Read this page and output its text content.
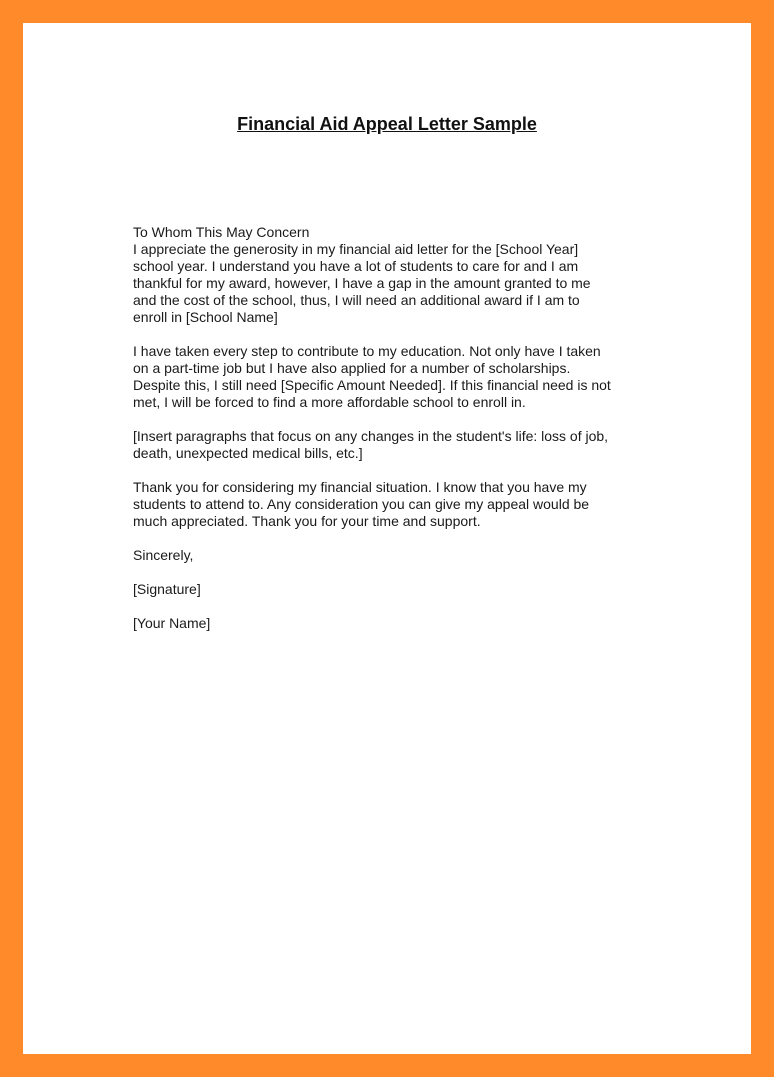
Financial Aid Appeal Letter Sample
To Whom This May Concern
I appreciate the generosity in my financial aid letter for the [School Year]
school year. I understand you have a lot of students to care for and I am
thankful for my award, however, I have a gap in the amount granted to me
and the cost of the school, thus, I will need an additional award if I am to
enroll in [School Name]
I have taken every step to contribute to my education. Not only have I taken
on a part-time job but I have also applied for a number of scholarships.
Despite this, I still need [Specific Amount Needed]. If this financial need is not
met, I will be forced to find a more affordable school to enroll in.
[Insert paragraphs that focus on any changes in the student's life: loss of job,
death, unexpected medical bills, etc.]
Thank you for considering my financial situation. I know that you have my
students to attend to. Any consideration you can give my appeal would be
much appreciated. Thank you for your time and support.
Sincerely,
[Signature]
[Your Name]
